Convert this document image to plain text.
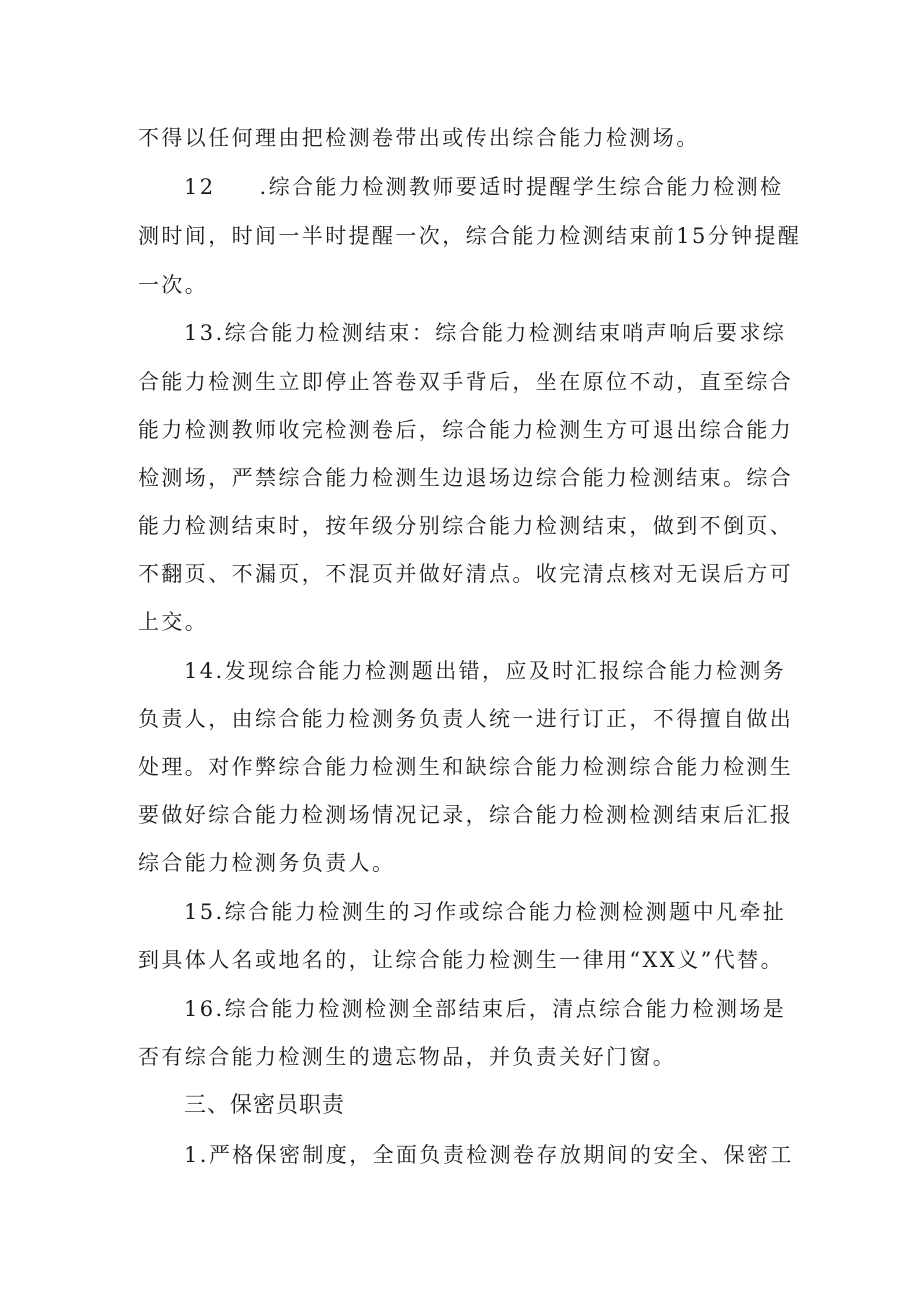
不得以任何理由把检测卷带出或传出综合能力检测场。
12 .综合能力检测教师要适时提醒学生综合能力检测检
测时间，时间一半时提醒一次，综合能力检测结束前15分钟提醒
一次。
13.综合能力检测结束：综合能力检测结束哨声响后要求综
合能力检测生立即停止答卷双手背后，坐在原位不动，直至综合
能力检测教师收完检测卷后，综合能力检测生方可退出综合能力
检测场，严禁综合能力检测生边退场边综合能力检测结束。综合
能力检测结束时，按年级分别综合能力检测结束，做到不倒页、
不翻页、不漏页，不混页并做好清点。收完清点核对无误后方可
上交。
14.发现综合能力检测题出错，应及时汇报综合能力检测务
负责人，由综合能力检测务负责人统一进行订正，不得擅自做出
处理。对作弊综合能力检测生和缺综合能力检测综合能力检测生
要做好综合能力检测场情况记录，综合能力检测检测结束后汇报
综合能力检测务负责人。
15.综合能力检测生的习作或综合能力检测检测题中凡牵扯
到具体人名或地名的，让综合能力检测生一律用“XX义”代替。
16.综合能力检测检测全部结束后，清点综合能力检测场是
否有综合能力检测生的遗忘物品，并负责关好门窗。
三、保密员职责
1.严格保密制度，全面负责检测卷存放期间的安全、保密工
